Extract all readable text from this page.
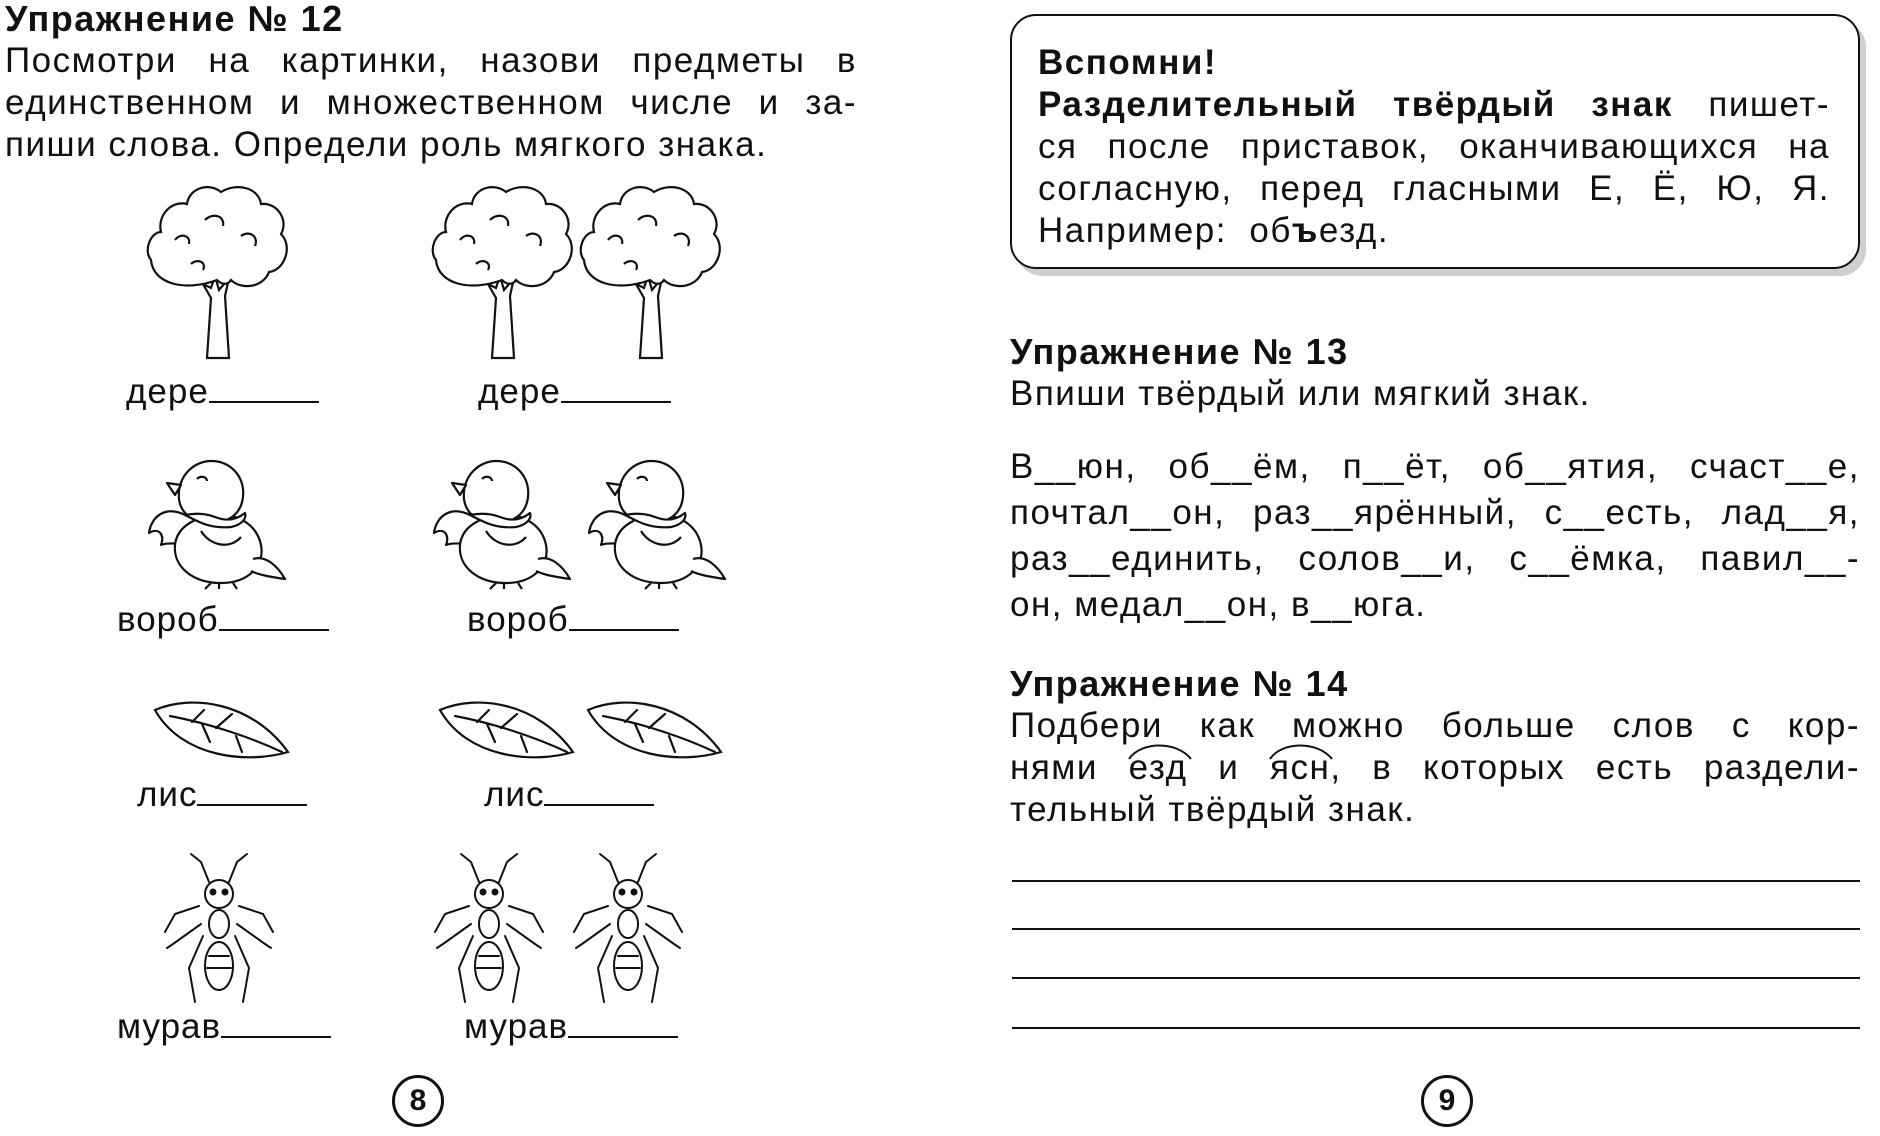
Упражнение № 12
Посмотри на картинки, назови предметы в
единственном и множественном числе и за-
пиши слова. Определи роль мягкого знака.
дере	дере
вороб	вороб
лис	лис
мурав	мурав
8
Вспомни!
Разделительный твёрдый знак пишет-
ся после приставок, оканчивающихся на
согласную, перед гласными Е, Ё, Ю, Я.
Например: объезд.
Упражнение № 13
Впиши твёрдый или мягкий знак.
В__юн, об__ём, п__ёт, об__ятия, счаст__е,
почтал__он, раз__ярённый, с__есть, лад__я,
раз__единить, солов__и, с__ёмка, павил__-
он, медал__он, в__юга.
Упражнение № 14
Подбери как можно больше слов с кор-
нями езд и ясн, в которых есть раздели-
тельный твёрдый знак.
9
